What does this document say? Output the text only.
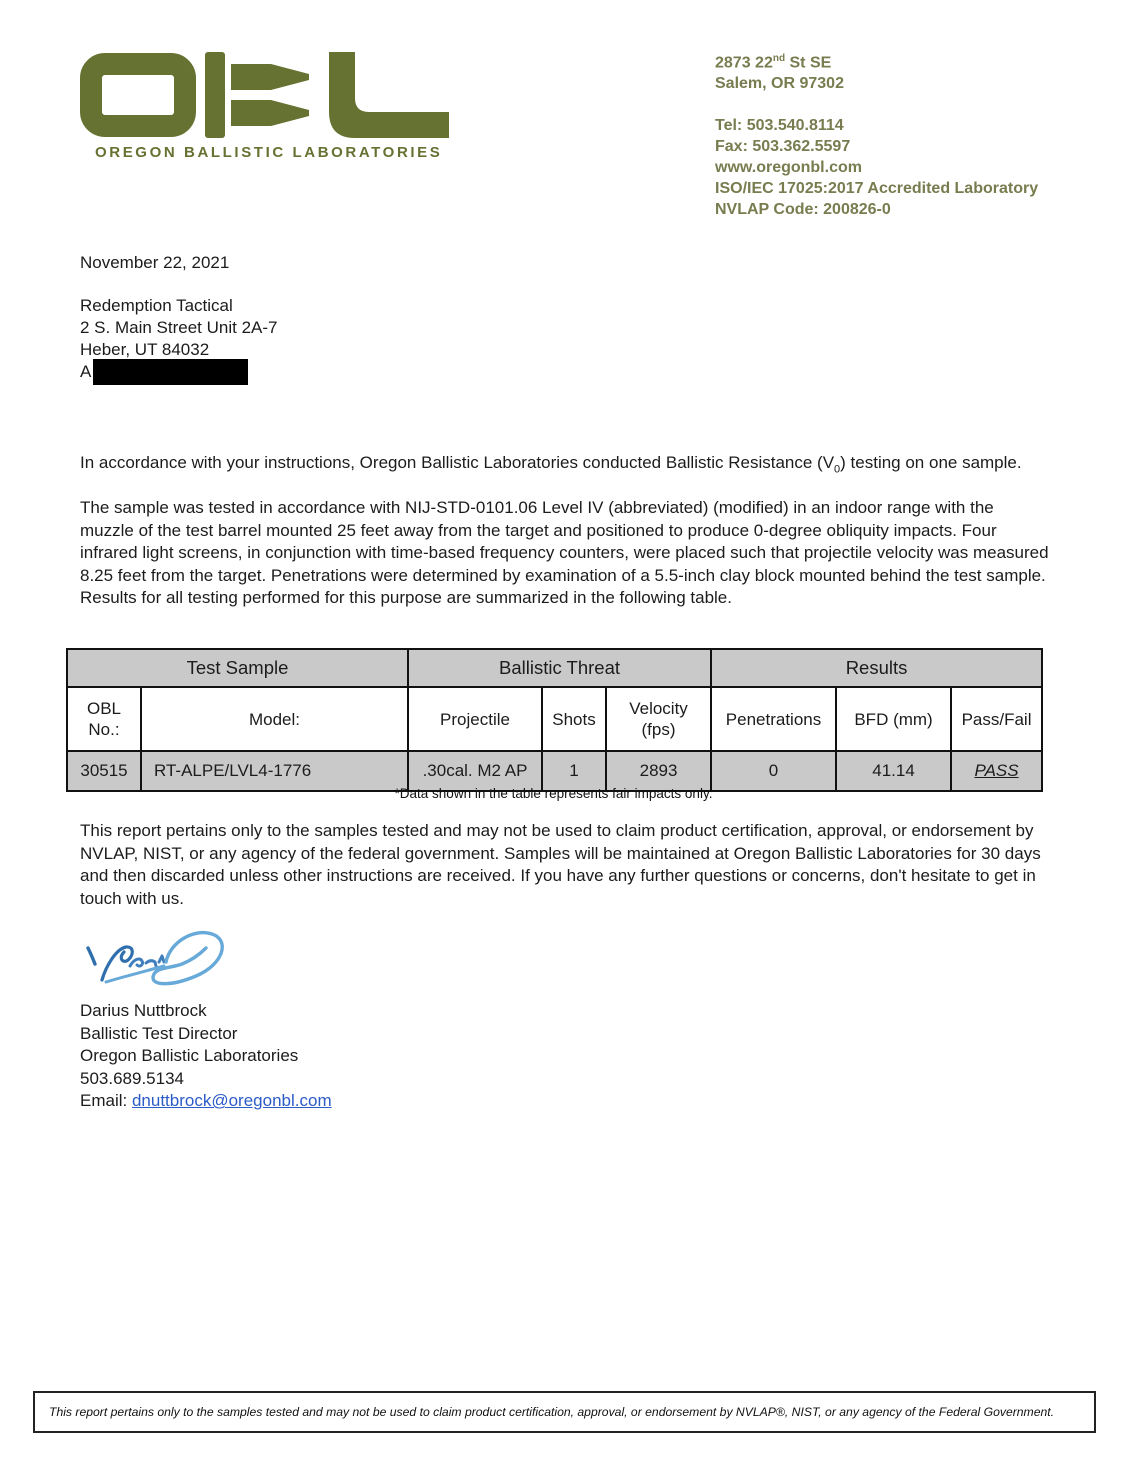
OREGON BALLISTIC LABORATORIES
2873 22nd St SE
Salem, OR 97302
Tel: 503.540.8114
Fax: 503.362.5597
www.oregonbl.com
ISO/IEC 17025:2017 Accredited Laboratory
NVLAP Code: 200826-0
November 22, 2021
Redemption Tactical
2 S. Main Street Unit 2A-7
Heber, UT 84032
A
In accordance with your instructions, Oregon Ballistic Laboratories conducted Ballistic Resistance $(V_0)$ testing on one sample.
The sample was tested in accordance with NIJ-STD-0101.06 Level IV (abbreviated) (modified) in an indoor range with the muzzle of the test barrel mounted 25 feet away from the target and positioned to produce 0-degree obliquity impacts. Four infrared light screens, in conjunction with time-based frequency counters, were placed such that projectile velocity was measured 8.25 feet from the target. Penetrations were determined by examination of a 5.5-inch clay block mounted behind the test sample. Results for all testing performed for this purpose are summarized in the following table.
Test Sample		Ballistic Threat			Results		
OBL No.:	Model:	Projectile	Shots	Velocity (fps)	Penetrations	BFD (mm)	Pass/Fail
30515	RT-ALPE/LVL4-1776	.30cal. M2 AP	1	2893	0	41.14	PASS
*Data shown in the table represents fair impacts only.
This report pertains only to the samples tested and may not be used to claim product certification, approval, or endorsement by NVLAP, NIST, or any agency of the federal government. Samples will be maintained at Oregon Ballistic Laboratories for 30 days and then discarded unless other instructions are received. If you have any further questions or concerns, don't hesitate to get in touch with us.
Darius Nuttbrock
Ballistic Test Director
Oregon Ballistic Laboratories
503.689.5134
Email: dnuttbrock@oregonbl.com
This report pertains only to the samples tested and may not be used to claim product certification, approval, or endorsement by NVLAP®, NIST, or any agency of the Federal Government.
